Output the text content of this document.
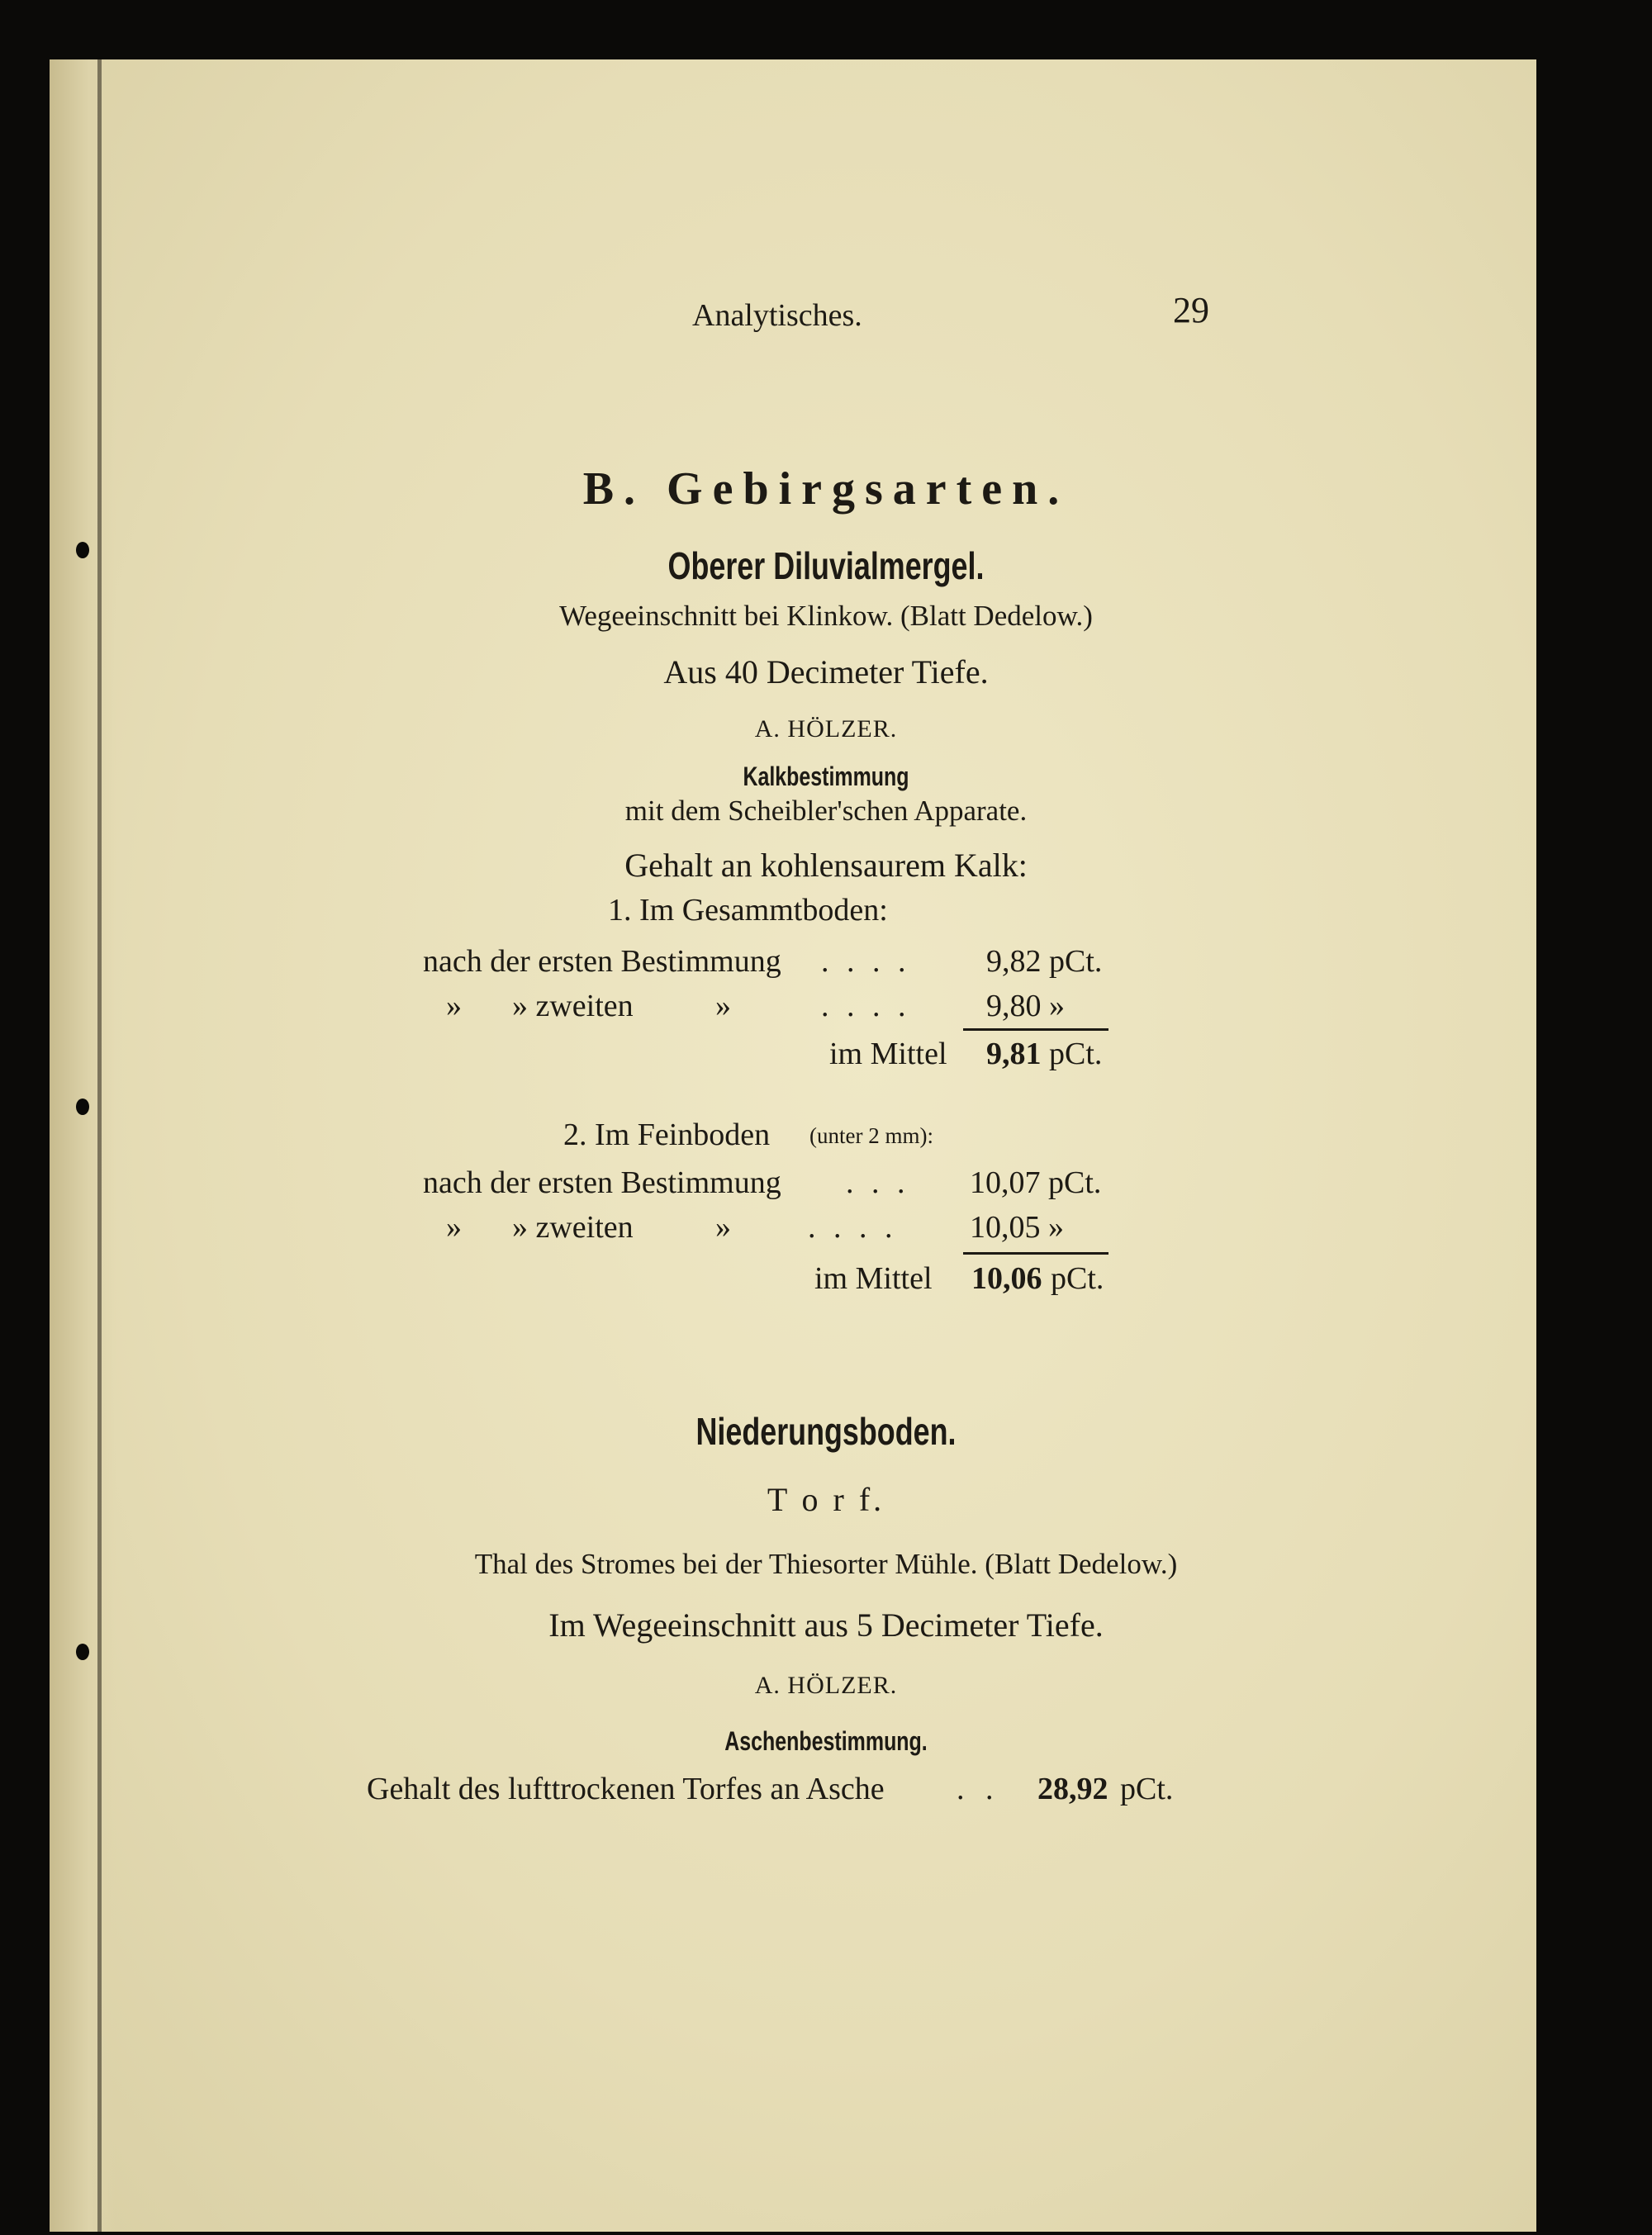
Analytisches.	29
B. Gebirgsarten.
Oberer Diluvialmergel.
Wegeeinschnitt bei Klinkow. (Blatt Dedelow.)
Aus 40 Decimeter Tiefe.
A. HÖLZER.
Kalkbestimmung
mit dem Scheibler'schen Apparate.
Gehalt an kohlensaurem Kalk:
1. Im Gesammtboden:
nach der ersten Bestimmung . . . . 9,82 pCt.
» » zweiten	»	. . . . 9,80 »
im Mittel 9,81 pCt.
2. Im Feinboden (unter 2 mm):
nach der ersten Bestimmung . . . 10,07 pCt.
» » zweiten	» . . . . 10,05 »
im Mittel 10,06 pCt.
Niederungsboden.
T o r f.
Thal des Stromes bei der Thiesorter Mühle. (Blatt Dedelow.)
Im Wegeeinschnitt aus 5 Decimeter Tiefe.
A. HÖLZER.
Aschenbestimmung.
Gehalt des lufttrockenen Torfes an Asche . . 28,92 pCt.
